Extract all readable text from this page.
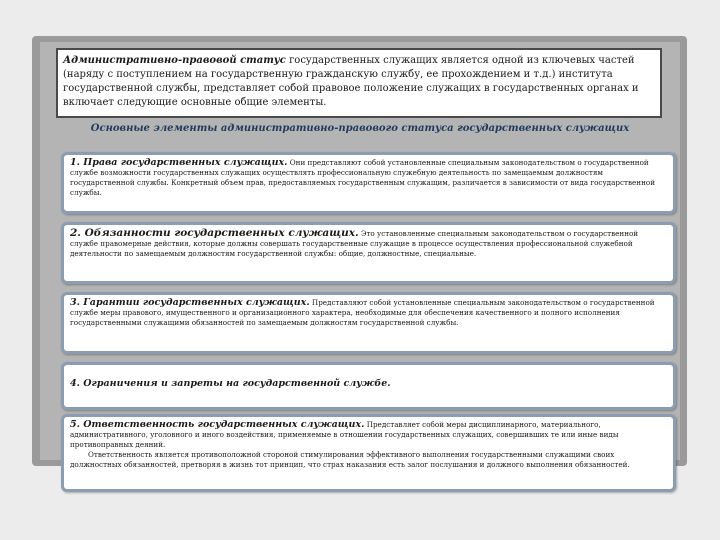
Административно-правовой статус государственных служащих является одной из ключевых частей (наряду с поступлением на государственную гражданскую службу, ее прохождением и т.д.) института государственной службы, представляет собой правовое положение служащих в государственных органах и включает следующие основные общие элементы.
Основные элементы административно-правового статуса государственных служащих
1. Права государственных служащих. Они представляют собой установленные специальным законодательством о государственной службе возможности государственных служащих осуществлять профессиональную служебную деятельность по замещаемым должностям государственной службы. Конкретный объем прав, предоставляемых государственным служащим, различается в зависимости от вида государственной службы.
2. Обязанности государственных служащих. Это установленные специальным законодательством о государственной службе правомерные действия, которые должны совершать государственные служащие в процессе осуществления профессиональной служебной деятельности по замещаемым должностям государственной службы: общие, должностные, специальные.
3. Гарантии государственных служащих. Представляют собой установленные специальным законодательством о государственной службе меры правового, имущественного и организационного характера, необходимые для обеспечения качественного и полного исполнения государственными служащими обязанностей по замещаемым должностям государственной службы.
4. Ограничения и запреты на государственной службе.
5. Ответственность государственных служащих. Представляет собой меры дисциплинарного, материального, административного, уголовного и иного воздействия, применяемые в отношении государственных служащих, совершивших те или иные виды противоправных деяний.
Ответственность является противоположной стороной стимулирования эффективного выполнения государственными служащими своих должностных обязанностей, претворяя в жизнь тот принцип, что страх наказания есть залог послушания и должного выполнения обязанностей.
